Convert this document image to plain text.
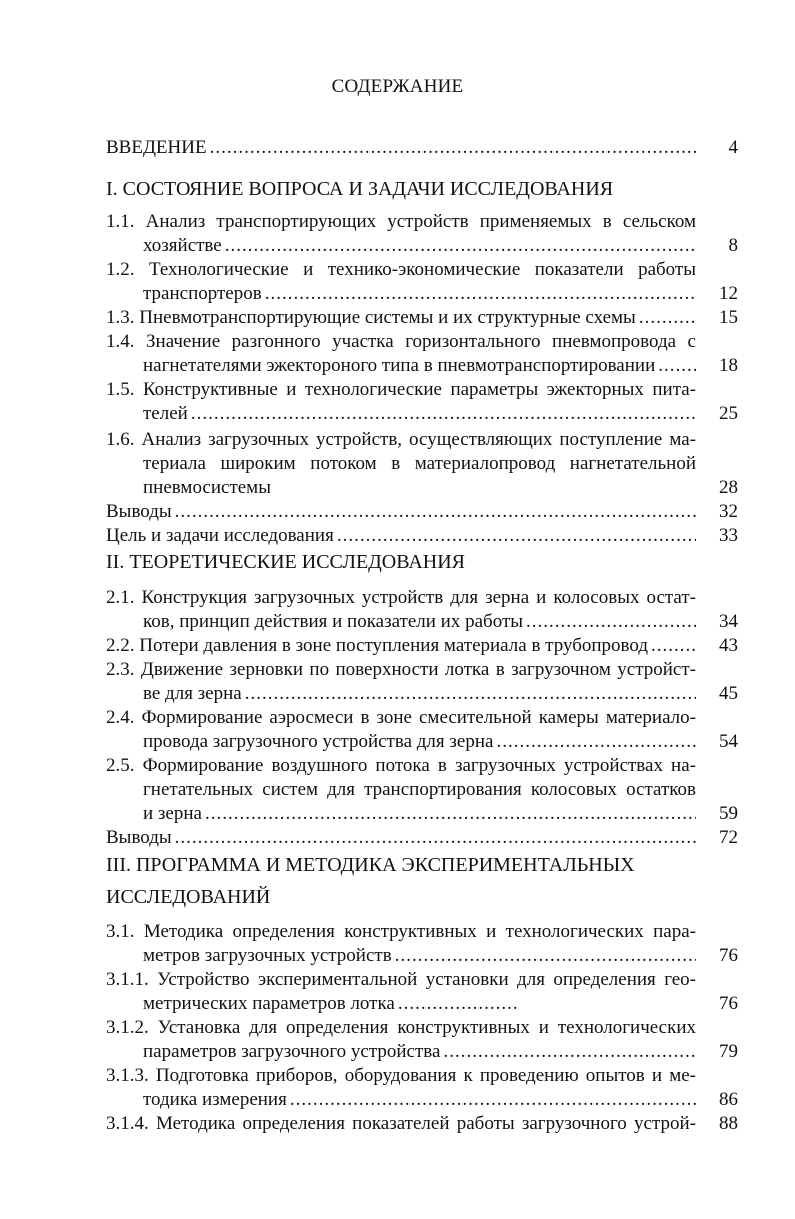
СОДЕРЖАНИЕ
ВВЕДЕНИЕ .....	4
I. СОСТОЯНИЕ ВОПРОСА И ЗАДАЧИ ИССЛЕДОВАНИЯ
1.1. Анализ транспортирующих устройств применяемых в сельском
хозяйстве .....	8
1.2. Технологические и технико-экономические показатели работы
транспортеров .....	12
1.3. Пневмотранспортирующие системы и их структурные схемы .....	15
1.4. Значение разгонного участка горизонтального пневмопровода с
нагнетателями эжектороного типа в пневмотранспортировании .....	18
1.5. Конструктивные и технологические параметры эжекторных пита-
телей .....	25
1.6. Анализ загрузочных устройств, осуществляющих поступление ма-
териала широким потоком в материалопровод нагнетательной
пневмосистемы	28
Выводы .....	32
Цель и задачи исследования .....	33
II. ТЕОРЕТИЧЕСКИЕ ИССЛЕДОВАНИЯ
2.1. Конструкция загрузочных устройств для зерна и колосовых остат-
ков, принцип действия и показатели их работы .....	34
2.2. Потери давления в зоне поступления материала в трубопровод .....	43
2.3. Движение зерновки по поверхности лотка в загрузочном устройст-
ве для зерна .....	45
2.4. Формирование аэросмеси в зоне смесительной камеры материало-
провода загрузочного устройства для зерна .....	54
2.5. Формирование воздушного потока в загрузочных устройствах на-
гнетательных систем для транспортирования колосовых остатков
и зерна .....	59
Выводы .....	72
III. ПРОГРАММА И МЕТОДИКА ЭКСПЕРИМЕНТАЛЬНЫХ
ИССЛЕДОВАНИЙ
3.1. Методика определения конструктивных и технологических пара-
метров загрузочных устройств .....	76
3.1.1. Устройство экспериментальной установки для определения гео-
метрических параметров лотка .....	76
3.1.2. Установка для определения конструктивных и технологических
параметров загрузочного устройства .....	79
3.1.3. Подготовка приборов, оборудования к проведению опытов и ме-
тодика измерения .....	86
3.1.4. Методика определения показателей работы загрузочного устрой- 88
